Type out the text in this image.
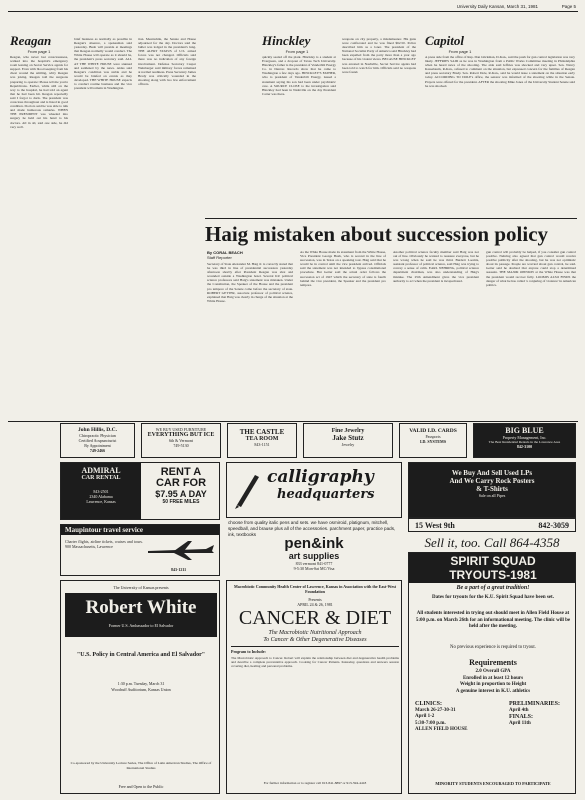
University Daily Kansan, March 31, 1981	Page 5
Reagan
From page 1
Reagan, who never lost consciousness, walked into the hospital's emergency room leaning on Secret Service agents for support. Even with blood seeping from his chest wound the smiling, witty Reagan was joking. Reagan told the surgeons preparing to operate: Please tell me you're Republicans. Earlier, while still on the way to the hospital, he had told an agent that he had been hit. Reagan reportedly said I forgot to duck. The president was conscious throughout and is listed in good condition. Doctors said he was able to talk and made humorous remarks. WHEN THE PRESIDENT was wheeled into surgery he held out his hand to his doctors. All in all, said one aide, he did very well.
brief business as normally as possible in Reagan's absence, a spokesman said yesterday. Bush will preside at meetings that Reagan normally would conduct. The White House will operate as it should be, the president's press secretary said. ALL AT THE WHITE HOUSE were stunned and saddened by the news. Aides said Reagan's condition was stable and he would be briefed on events as they developed. THE WHITE HOUSE expects to conduct routine business and the vice president will remain in Washington.
tion. Meanwhile, the Senate and House adjourned for the day. Doctors said the bullet was lodged in the president's lung. THE ALERT STATUS of U.S. armed forces was not changed. Officials said there was no indication of any foreign involvement. Defense Secretary Caspar Weinberger said military forces remained at normal readiness. Press Secretary James Brady was critically wounded in the shooting along with two law enforcement officers.
Hinckley
From page 1
quickly sealed off the plant. Hinckley is a student at Evergreen, and a dropout of Texas Tech University. Hinckley's father is the president of Vanderbilt Energy Co. in Denver. Records show that he came to Washington a few days ago. HINCKLEY'S FATHER, who is president of Vanderbilt Energy, issued a statement saying his son had been under psychiatric care. A SOURCE CLOSE to the investigation said Hinckley had been in Nashville on the day President Carter was there.
weapons on city property, a misdemeanor. His guns were confiscated and he was fined $62.50. Police described him as a loner. The president of the National Socialist Party of America said Hinckley had been expelled from the party more than a year ago because of his violent views. BECAUSE HINCKLEY was arrested in Nashville, Secret Service agents had been told to watch for him. Officials said no weapons were found.
Capitol
From page 1
A press aide from the office of Rep. Dan Glickman, D-Kan., said the push for gun control legislation was very likely. JEFFRIES SAID as he was in Washington from a Public Works Committee meeting in Philadelphia when he heard news of the shooting. The aide said Jeffries was shocked and very upset. Sen. Nancy Kassebaum, R-Kan., refused to comment on the situation, but expressed concern for the families of Reagan and press secretary Brady. Sen. Robert Dole, R-Kan., said he would issue a statement on the situation early today. ACCORDING TO DOLE's office, the senator was informed of the shooting while in the Senate. Prayers were offered for the president. AFTER the shooting Mike Jones of the University Student Senate said he was shocked.
Haig mistaken about succession policy
By CORAL BEACH
Staff Reporter
Secretary of State Alexander M. Haig Jr. is correctly stated that he was third in line of presidential succession yesterday afternoon shortly after President Reagan was shot and wounded outside a Washington hotel. Several KU political science professors said Haig's statement was mistaken. Under the Constitution, the Speaker of the House and the president pro tempore of the Senate come before the secretary of state. ROBERT GETTER, associate professor of political science, explained that Haig was clearly in charge of the situation at the White House.
As the White House made its statement from the White House, Vice President George Bush, who is second in the line of succession, was in Texas on a speaking tour. Haig said that he would be in control until the vice president arrived. Officials said the statement was not intended to bypass constitutional procedure. But Getter said the actual order follows the succession act of 1947 which the secretary of state is fourth behind the vice president, the Speaker and the president pro tempore.
Another political science faculty member said Haig was not out of line. Obviously he wanted to reassure everyone, but he was wrong when he said he was third. Burdett Loomis, assistant professor of political science, said Haig was trying to convey a sense of calm. EARL NEHRING, political science department chairman, was also understanding of Haig's mistake. The 25th Amendment gives the vice president authority to act when the president is incapacitated.
gun control will probably be helped, if you consider gun control positive. Nehring also agreed that gun control would receive positive publicity after the shooting, but he was not optimistic about its passage. People are worried about gun control, he said. Getter said he doubted that anyone could stop a determined assassin. THE MAJOR OPINION at the White House was that the president would recover fully. LOOMIS ALSO FINDS the danger of what he has called 'a conjuring of violence' in American politics.
John Hillis, D.C.
Chiropractic Physician
Certified Acupuncturist
By Appointment
749-2466
WE BUY USED FURNITURE
EVERYTHING BUT ICE
6th & Vermont
749-5130
THE CASTLE
TEA ROOM
843-1151
Fine Jewelry
Jake Stutz
Jewelry
VALID I.D. CARDS
Passports
I.D. SYSTEMS
BIG BLUE
Property Management, Inc.
The Best Residential Rentals in the Lawrence Area
842-3100
ADMIRAL
CAR RENTAL
843-2501
2340 Alabama
Lawrence, Kansas
RENT A
CAR FOR
$7.95 A DAY
50 FREE MILES
Maupintour travel service
Charter flights, airline tickets, cruises and tours. 900 Massachusetts, Lawrence
843-1211
calligraphy
headquarters
choose from quality italic pens and sets. we have osmiroid, platignum, mitchell, speedball, and brause plus all of the accessories. parchment paper, practice pads, ink, textbooks
pen&ink
art supplies
833 vermont 841-0777
9-5:30 Mon-Sat MC/Visa
We Buy And Sell Used LPs
And We Carry Rock Posters
& T-Shirts
Sale on all Pipes
15 West 9th	842-3059
Sell it, too. Call 864-4358
The University of Kansas presents
Robert White
Former U.S. Ambassador to El Salvador
"U.S. Policy in Central America and El Salvador"
1:30 p.m. Tuesday, March 31
Woodruff Auditorium, Kansas Union
Co-sponsored by the University Lecture Series, The Office of Latin American Studies, The Office of International Studies
Free and Open to the Public
Macrobiotic Community Health Center of Lawrence, Kansas in Association with the East-West Foundation
Presents
APRIL 24 & 26, 1981
CANCER & DIET
The Macrobiotic Nutritional Approach
To Cancer & Other Degenerative Diseases
Program to Include:
The Macrobiotic Approach to Cancer. Robert will explain the relationship between diet and degenerative health problems and describe a complete preventative approach. Cooking for Cancer Patients. Kuteaday, questions and answers session covering diet, healing and personal problems.
For further information or to register call 913-841-8897 or 913-594-4418
SPIRIT SQUAD
TRYOUTS-1981
Be a part of a great tradition!
Dates for tryouts for the K.U. Spirit Squad have been set.
All students interested in trying out should meet in Allen Field House at 5:00 p.m. on March 26th for an informational meeting. The clinic will be held after the meeting.
No previous experience is required to tryout.
Requirements
2.0 Overall GPA
Enrolled in at least 12 hours
Weight in proportion to Height
A genuine interest in K.U. athletics
CLINICS:
March 26-27-30-31
April 1-2
5:30-7:00 p.m.
ALLEN FIELD HOUSE
PRELIMINARIES:
April 4th
FINALS:
April 11th
MINORITY STUDENTS ENCOURAGED TO PARTICIPATE
